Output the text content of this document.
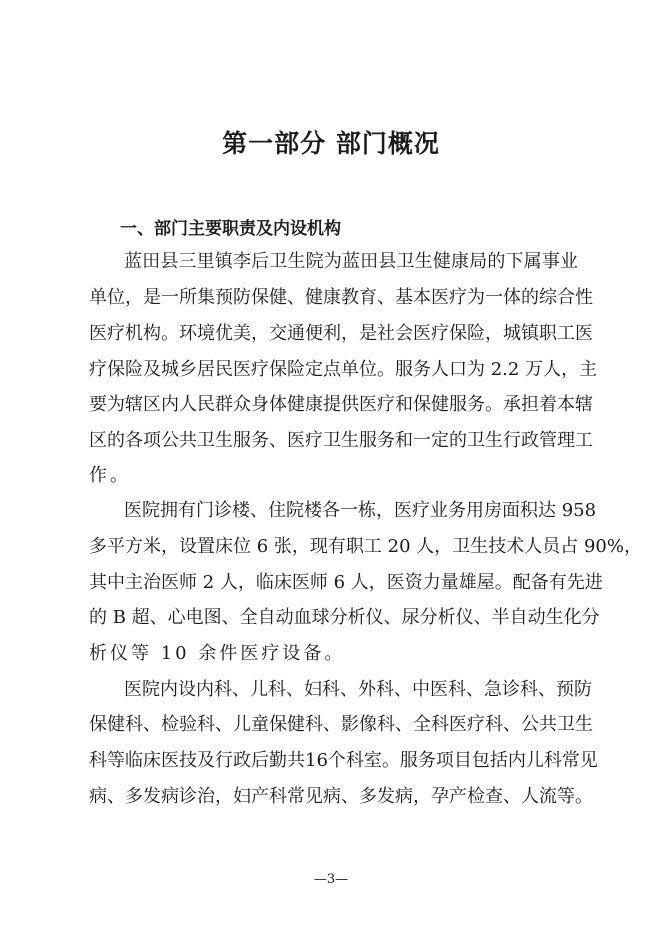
第一部分 部门概况
一、部门主要职责及内设机构
蓝田县三里镇李后卫生院为蓝田县卫生健康局的下属事业
单位，是一所集预防保健、健康教育、基本医疗为一体的综合性
医疗机构。环境优美，交通便利，是社会医疗保险，城镇职工医
疗保险及城乡居民医疗保险定点单位。服务人口为 2.2 万人，主
要为辖区内人民群众身体健康提供医疗和保健服务。承担着本辖
区的各项公共卫生服务、医疗卫生服务和一定的卫生行政管理工
作。
医院拥有门诊楼、住院楼各一栋，医疗业务用房面积达 958
多平方米，设置床位 6 张，现有职工 20 人，卫生技术人员占 90%，
其中主治医师 2 人，临床医师 6 人，医资力量雄屋。配备有先进
的 B 超、心电图、全自动血球分析仪、尿分析仪、半自动生化分
析仪等 10 余件医疗设备。
医院内设内科、儿科、妇科、外科、中医科、急诊科、预防
保健科、检验科、儿童保健科、影像科、全科医疗科、公共卫生
科等临床医技及行政后勤共16个科室。服务项目包括内儿科常见
病、多发病诊治，妇产科常见病、多发病，孕产检查、人流等。
—3—
